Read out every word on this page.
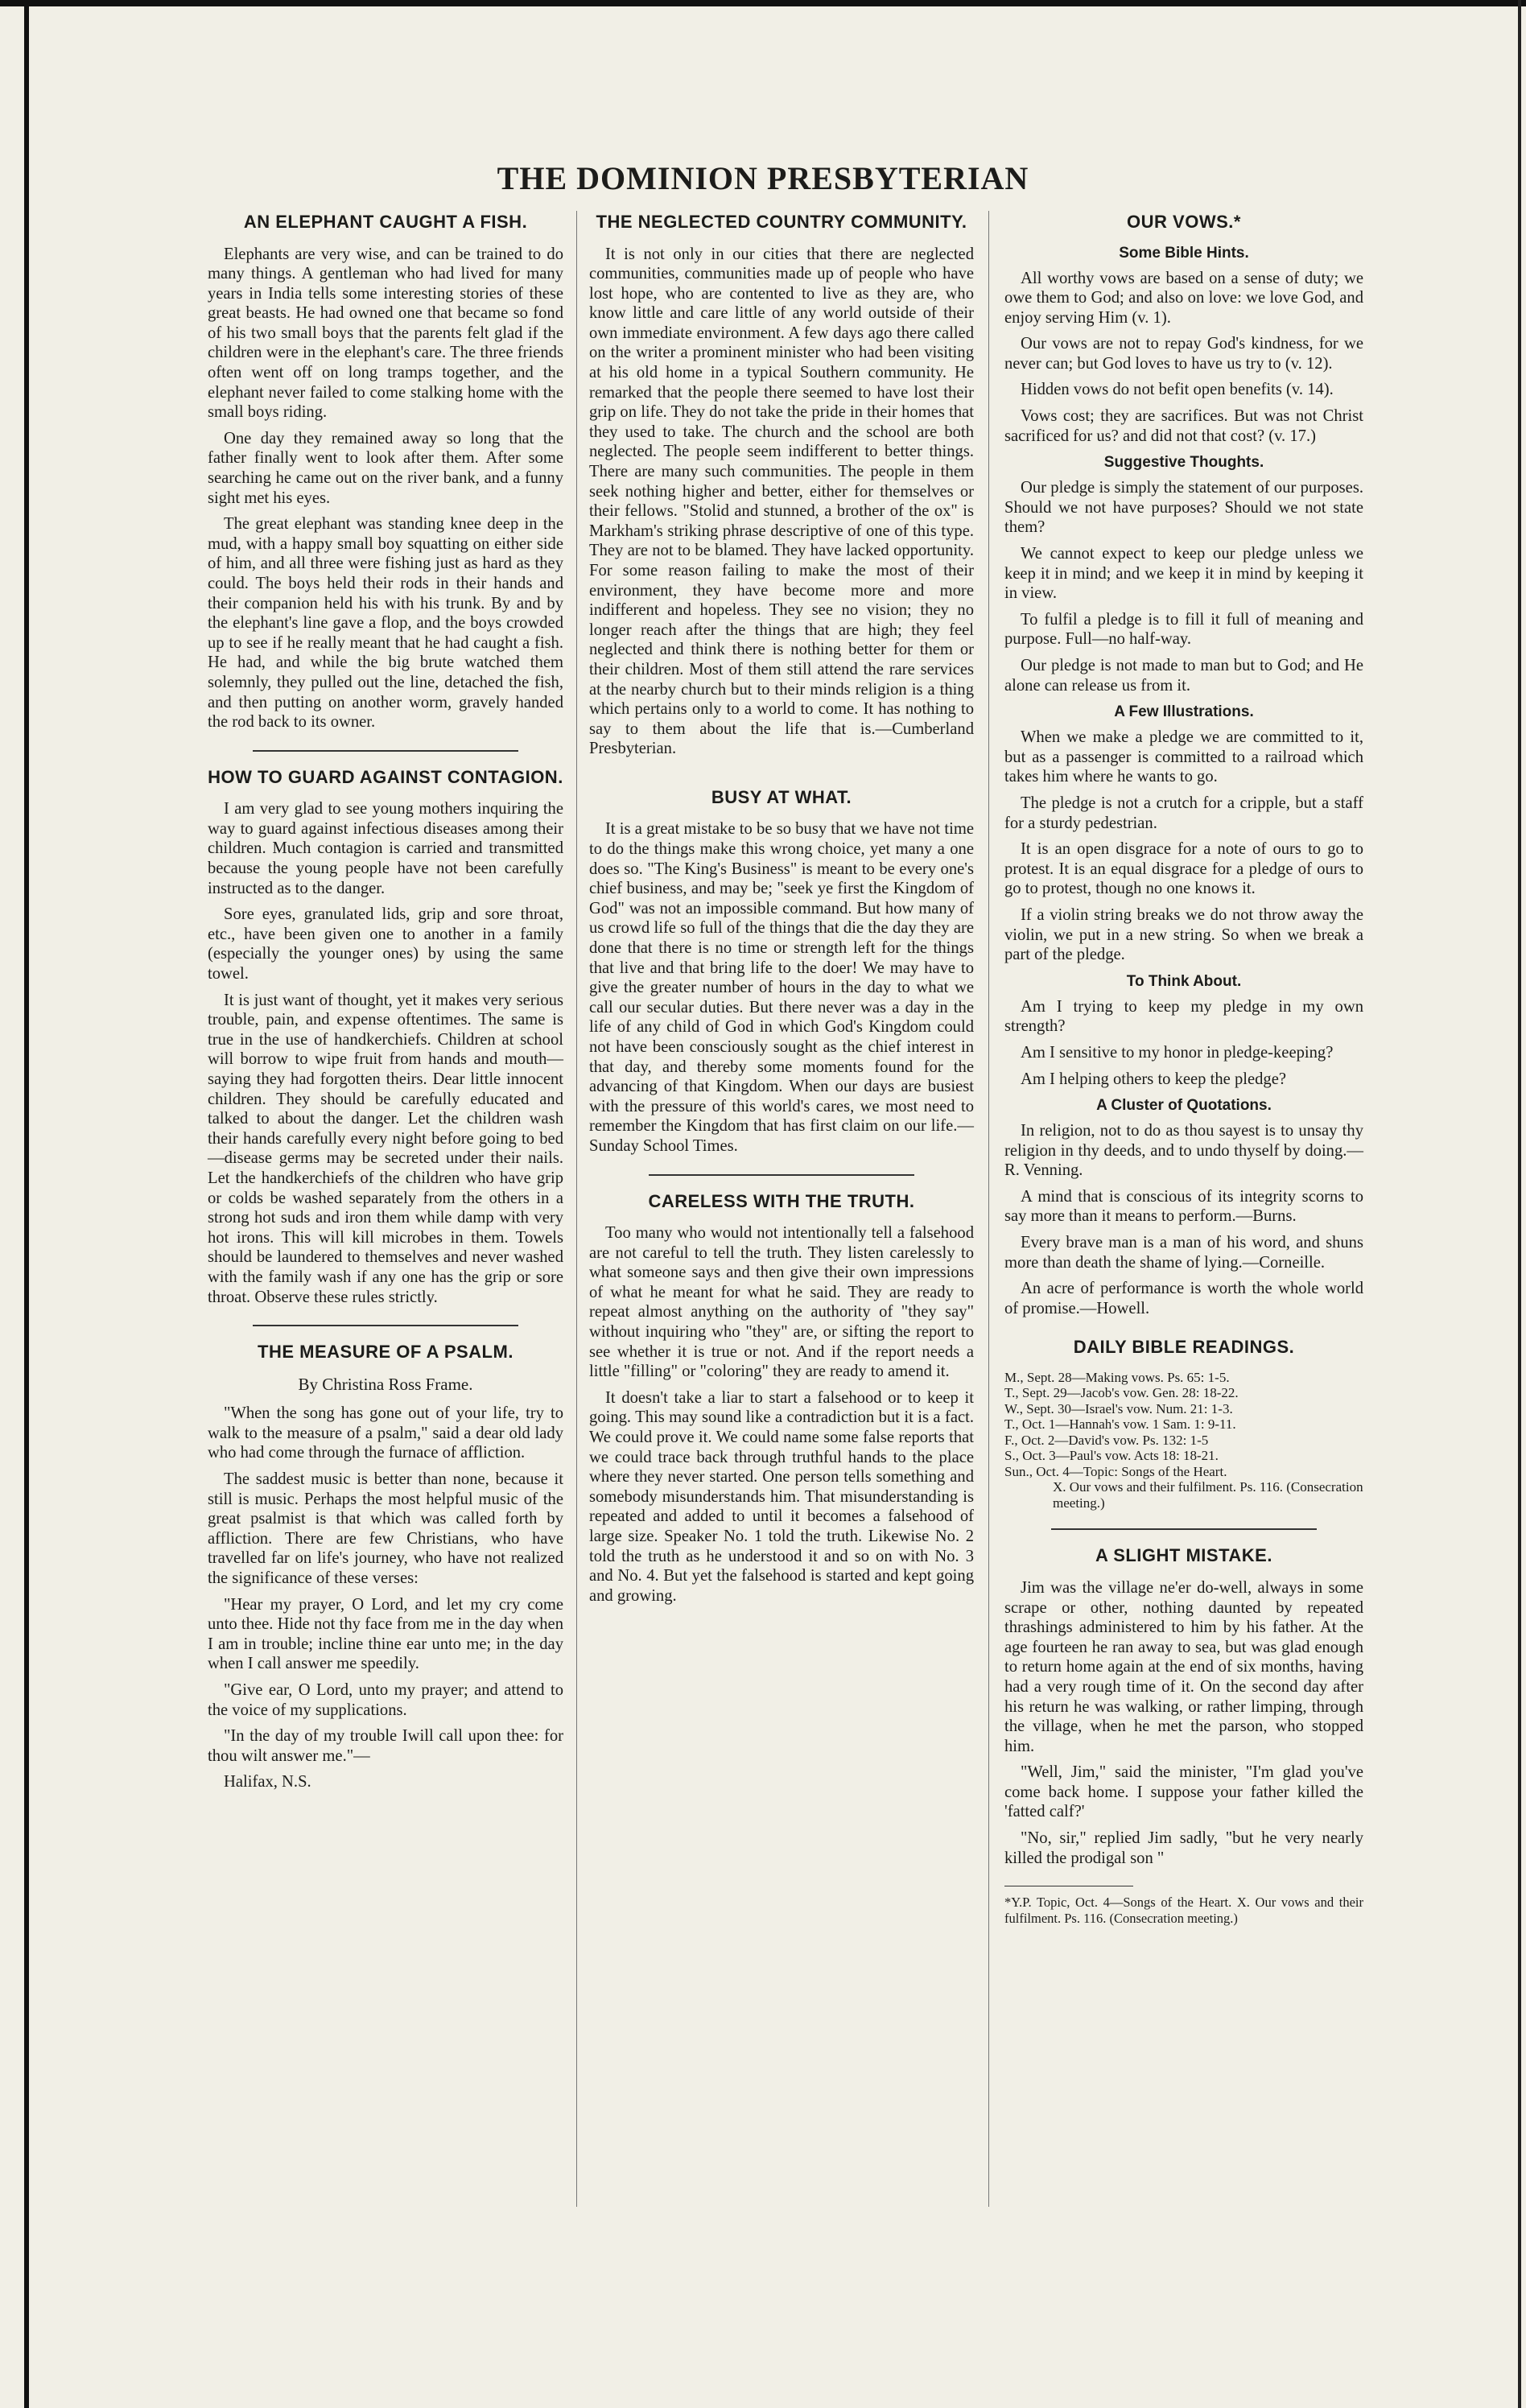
THE DOMINION PRESBYTERIAN
AN ELEPHANT CAUGHT A FISH.

Elephants are very wise, and can be trained to do many things. A gentleman who had lived for many years in India tells some interesting stories of these great beasts. He had owned one that became so fond of his two small boys that the parents felt glad if the children were in the elephant's care. The three friends often went off on long tramps together, and the elephant never failed to come stalking home with the small boys riding.

One day they remained away so long that the father finally went to look after them. After some searching he came out on the river bank, and a funny sight met his eyes.

The great elephant was standing knee deep in the mud, with a happy small boy squatting on either side of him, and all three were fishing just as hard as they could. The boys held their rods in their hands and their companion held his with his trunk. By and by the elephant's line gave a flop, and the boys crowded up to see if he really meant that he had caught a fish. He had, and while the big brute watched them solemnly, they pulled out the line, detached the fish, and then putting on another worm, gravely handed the rod back to its owner.

HOW TO GUARD AGAINST CONTAGION.

I am very glad to see young mothers inquiring the way to guard against infectious diseases among their children. Much contagion is carried and transmitted because the young people have not been carefully instructed as to the danger.

Sore eyes, granulated lids, grip and sore throat, etc., have been given one to another in a family (especially the younger ones) by using the same towel.

It is just want of thought, yet it makes very serious trouble, pain, and expense oftentimes. The same is true in the use of handkerchiefs. Children at school will borrow to wipe fruit from hands and mouth—saying they had forgotten theirs. Dear little innocent children. They should be carefully educated and talked to about the danger. Let the children wash their hands carefully every night before going to bed—disease germs may be secreted under their nails. Let the handkerchiefs of the children who have grip or colds be washed separately from the others in a strong hot suds and iron them while damp with very hot irons. This will kill microbes in them. Towels should be laundered to themselves and never washed with the family wash if any one has the grip or sore throat. Observe these rules strictly.

THE MEASURE OF A PSALM.

By Christina Ross Frame.

"When the song has gone out of your life, try to walk to the measure of a psalm," said a dear old lady who had come through the furnace of affliction.

The saddest music is better than none, because it still is music. Perhaps the most helpful music of the great psalmist is that which was called forth by affliction. There are few Christians, who have travelled far on life's journey, who have not realized the significance of these verses:

"Hear my prayer, O Lord, and let my cry come unto thee. Hide not thy face from me in the day when I am in trouble; incline thine ear unto me; in the day when I call answer me speedily.

"Give ear, O Lord, unto my prayer; and attend to the voice of my supplications.

"In the day of my trouble Iwill call upon thee: for thou wilt answer me."—

Halifax, N.S.

THE NEGLECTED COUNTRY COMMUNITY.

It is not only in our cities that there are neglected communities, communities made up of people who have lost hope, who are contented to live as they are, who know little and care little of any world outside of their own immediate environment. A few days ago there called on the writer a prominent minister who had been visiting at his old home in a typical Southern community. He remarked that the people there seemed to have lost their grip on life. They do not take the pride in their homes that they used to take. The church and the school are both neglected. The people seem indifferent to better things. There are many such communities. The people in them seek nothing higher and better, either for themselves or their fellows. "Stolid and stunned, a brother of the ox" is Markham's striking phrase descriptive of one of this type. They are not to be blamed. They have lacked opportunity. For some reason failing to make the most of their environment, they have become more and more indifferent and hopeless. They see no vision; they no longer reach after the things that are high; they feel neglected and think there is nothing better for them or their children. Most of them still attend the rare services at the nearby church but to their minds religion is a thing which pertains only to a world to come. It has nothing to say to them about the life that is.—Cumberland Presbyterian.

BUSY AT WHAT.

It is a great mistake to be so busy that we have not time to do the things make this wrong choice, yet many a one does so. "The King's Business" is meant to be every one's chief business, and may be; "seek ye first the Kingdom of God" was not an impossible command. But how many of us crowd life so full of the things that die the day they are done that there is no time or strength left for the things that live and that bring life to the doer! We may have to give the greater number of hours in the day to what we call our secular duties. But there never was a day in the life of any child of God in which God's Kingdom could not have been consciously sought as the chief interest in that day, and thereby some moments found for the advancing of that Kingdom. When our days are busiest with the pressure of this world's cares, we most need to remember the Kingdom that has first claim on our life.—Sunday School Times.

CARELESS WITH THE TRUTH.

Too many who would not intentionally tell a falsehood are not careful to tell the truth. They listen carelessly to what someone says and then give their own impressions of what he meant for what he said. They are ready to repeat almost anything on the authority of "they say" without inquiring who "they" are, or sifting the report to see whether it is true or not. And if the report needs a little "filling" or "coloring" they are ready to amend it.

It doesn't take a liar to start a falsehood or to keep it going. This may sound like a contradiction but it is a fact. We could prove it. We could name some false reports that we could trace back through truthful hands to the place where they never started. One person tells something and somebody misunderstands him. That misunderstanding is repeated and added to until it becomes a falsehood of large size. Speaker No. 1 told the truth. Likewise No. 2 told the truth as he understood it and so on with No. 3 and No. 4. But yet the falsehood is started and kept going and growing.

OUR VOWS.*
Some Bible Hints.

All worthy vows are based on a sense of duty; we owe them to God; and also on love: we love God, and enjoy serving Him (v. 1).

Our vows are not to repay God's kindness, for we never can; but God loves to have us try to (v. 12).

Hidden vows do not befit open benefits (v. 14).

Vows cost; they are sacrifices. But was not Christ sacrificed for us? and did not that cost? (v. 17.)

Suggestive Thoughts.

Our pledge is simply the statement of our purposes. Should we not have purposes? Should we not state them?

We cannot expect to keep our pledge unless we keep it in mind; and we keep it in mind by keeping it in view.

To fulfil a pledge is to fill it full of meaning and purpose. Full—no half-way.

Our pledge is not made to man but to God; and He alone can release us from it.

A Few Illustrations.

When we make a pledge we are committed to it, but as a passenger is committed to a railroad which takes him where he wants to go.

The pledge is not a crutch for a cripple, but a staff for a sturdy pedestrian.

It is an open disgrace for a note of ours to go to protest. It is an equal disgrace for a pledge of ours to go to protest, though no one knows it.

If a violin string breaks we do not throw away the violin, we put in a new string. So when we break a part of the pledge.

To Think About.

Am I trying to keep my pledge in my own strength?

Am I sensitive to my honor in pledge-keeping?

Am I helping others to keep the pledge?

A Cluster of Quotations.

In religion, not to do as thou sayest is to unsay thy religion in thy deeds, and to undo thyself by doing.—R. Venning.

A mind that is conscious of its integrity scorns to say more than it means to perform.—Burns.

Every brave man is a man of his word, and shuns more than death the shame of lying.—Corneille.

An acre of performance is worth the whole world of promise.—Howell.

DAILY BIBLE READINGS.
M., Sept. 28—Making vows. Ps. 65: 1-5.
T., Sept. 29—Jacob's vow. Gen. 28: 18-22.
W., Sept. 30—Israel's vow. Num. 21: 1-3.
T., Oct. 1—Hannah's vow. 1 Sam. 1: 9-11.
F., Oct. 2—David's vow. Ps. 132: 1-5
S., Oct. 3—Paul's vow. Acts 18: 18-21.
Sun., Oct. 4—Topic: Songs of the Heart.
X. Our vows and their fulfilment. Ps. 116. (Consecration meeting.)
A SLIGHT MISTAKE.

Jim was the village ne'er do-well, always in some scrape or other, nothing daunted by repeated thrashings administered to him by his father. At the age fourteen he ran away to sea, but was glad enough to return home again at the end of six months, having had a very rough time of it. On the second day after his return he was walking, or rather limping, through the village, when he met the parson, who stopped him.

"Well, Jim," said the minister, "I'm glad you've come back home. I suppose your father killed the 'fatted calf?'

"No, sir," replied Jim sadly, "but he very nearly killed the prodigal son "

*Y.P. Topic, Oct. 4—Songs of the Heart. X. Our vows and their fulfilment. Ps. 116. (Consecration meeting.)
